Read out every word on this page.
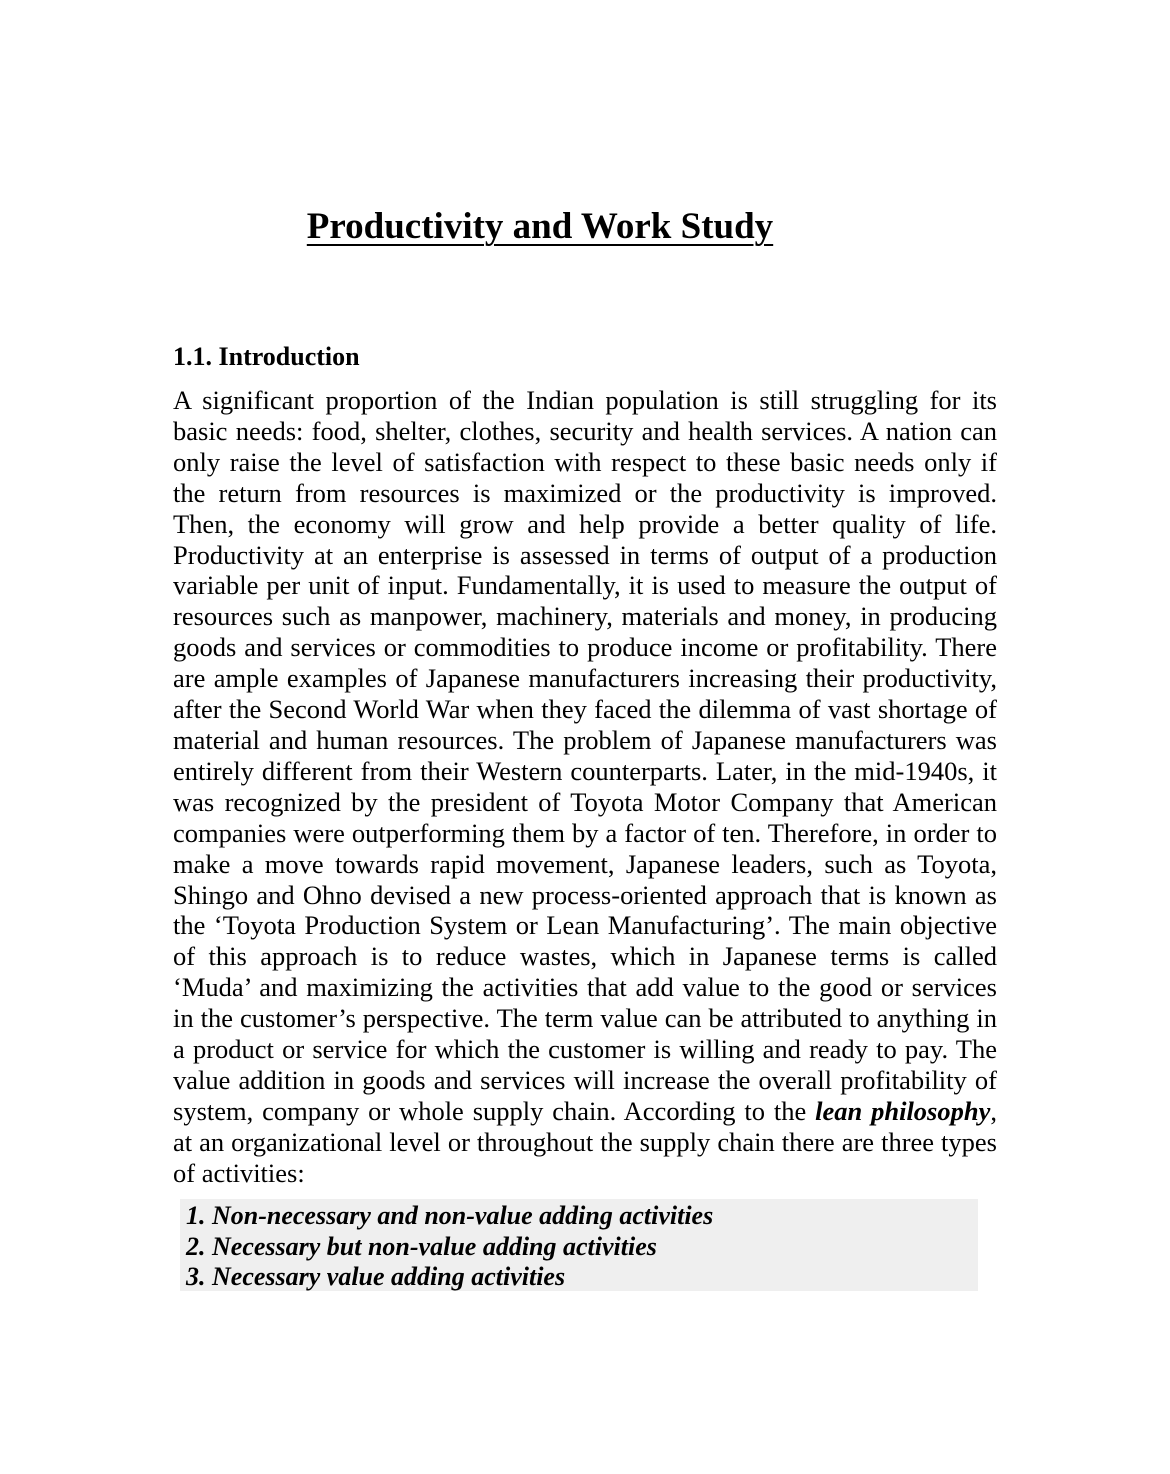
Productivity and Work Study
1.1. Introduction

A significant proportion of the Indian population is still struggling for its basic needs: food, shelter, clothes, security and health services. A nation can only raise the level of satisfaction with respect to these basic needs only if the return from resources is maximized or the productivity is improved. Then, the economy will grow and help provide a better quality of life. Productivity at an enterprise is assessed in terms of output of a production variable per unit of input. Fundamentally, it is used to measure the output of resources such as manpower, machinery, materials and money, in producing goods and services or commodities to produce income or profitability. There are ample examples of Japanese manufacturers increasing their productivity, after the Second World War when they faced the dilemma of vast shortage of material and human resources. The problem of Japanese manufacturers was entirely different from their Western counterparts. Later, in the mid-1940s, it was recognized by the president of Toyota Motor Company that American companies were outperforming them by a factor of ten. Therefore, in order to make a move towards rapid movement, Japanese leaders, such as Toyota, Shingo and Ohno devised a new process-oriented approach that is known as the ‘Toyota Production System or Lean Manufacturing’. The main objective of this approach is to reduce wastes, which in Japanese terms is called ‘Muda’ and maximizing the activities that add value to the good or services in the customer’s perspective. The term value can be attributed to anything in a product or service for which the customer is willing and ready to pay. The value addition in goods and services will increase the overall profitability of system, company or whole supply chain. According to the lean philosophy, at an organizational level or throughout the supply chain there are three types of activities:

1. Non-necessary and non-value adding activities
2. Necessary but non-value adding activities
3. Necessary value adding activities
